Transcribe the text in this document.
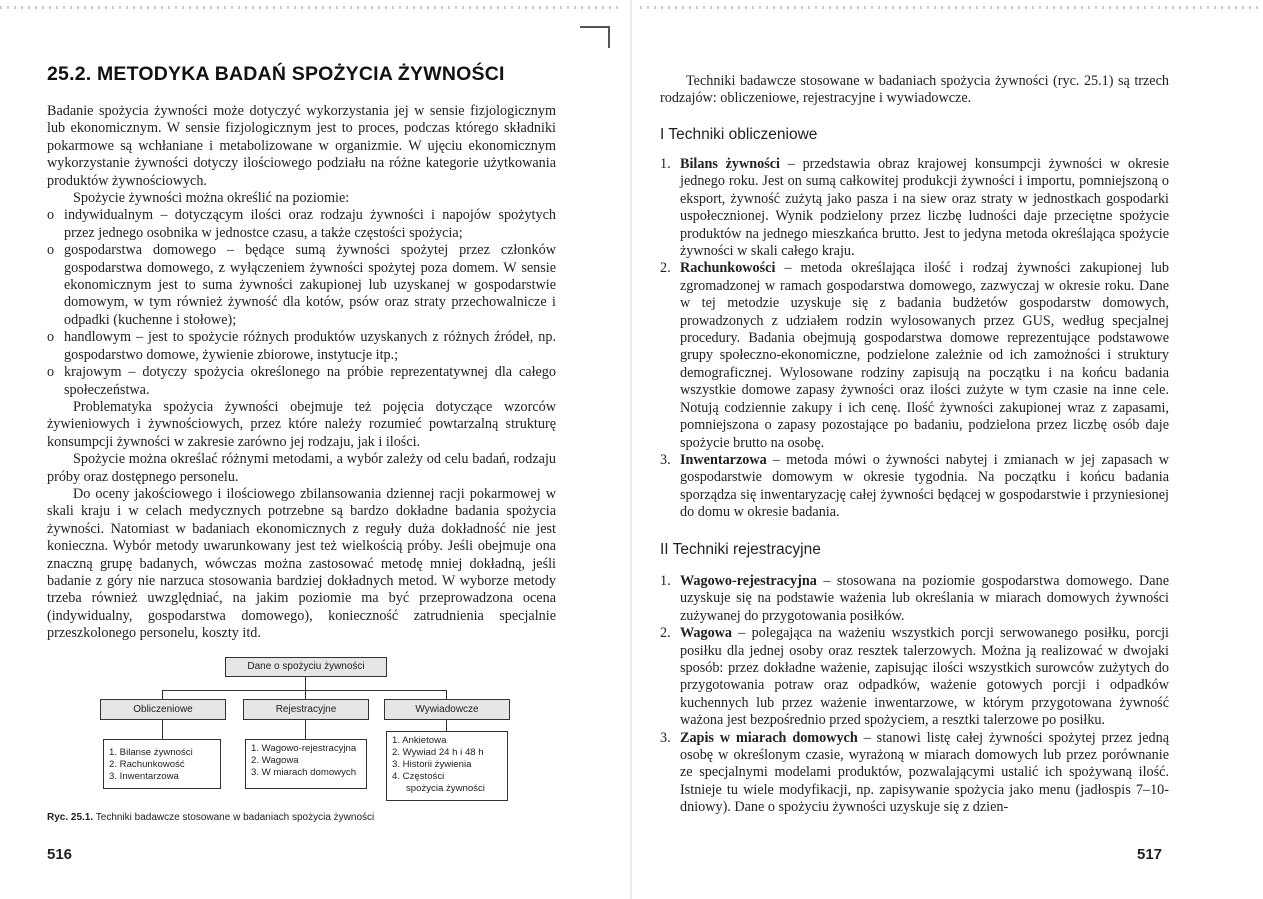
25.2. METODYKA BADAŃ SPOŻYCIA ŻYWNOŚCI

Badanie spożycia żywności może dotyczyć wykorzystania jej w sensie fizjologicznym lub ekonomicznym. W sensie fizjologicznym jest to proces, podczas którego składniki pokarmowe są wchłaniane i metabolizowane w organizmie. W ujęciu ekonomicznym wykorzystanie żywności dotyczy ilościowego podziału na różne kategorie użytkowania produktów żywnościowych.

Spożycie żywności można określić na poziomie:

o indywidualnym – dotyczącym ilości oraz rodzaju żywności i napojów spożytych przez jednego osobnika w jednostce czasu, a także częstości spożycia;
o gospodarstwa domowego – będące sumą żywności spożytej przez członków gospodarstwa domowego, z wyłączeniem żywności spożytej poza domem. W sensie ekonomicznym jest to suma żywności zakupionej lub uzyskanej w gospodarstwie domowym, w tym również żywność dla kotów, psów oraz straty przechowalnicze i odpadki (kuchenne i stołowe);
o handlowym – jest to spożycie różnych produktów uzyskanych z różnych źródeł, np. gospodarstwo domowe, żywienie zbiorowe, instytucje itp.;
o krajowym – dotyczy spożycia określonego na próbie reprezentatywnej dla całego społeczeństwa.

Problematyka spożycia żywności obejmuje też pojęcia dotyczące wzorców żywieniowych i żywnościowych, przez które należy rozumieć powtarzalną strukturę konsumpcji żywności w zakresie zarówno jej rodzaju, jak i ilości.

Spożycie można określać różnymi metodami, a wybór zależy od celu badań, rodzaju próby oraz dostępnego personelu.

Do oceny jakościowego i ilościowego zbilansowania dziennej racji pokarmowej w skali kraju i w celach medycznych potrzebne są bardzo dokładne badania spożycia żywności. Natomiast w badaniach ekonomicznych z reguły duża dokładność nie jest konieczna. Wybór metody uwarunkowany jest też wielkością próby. Jeśli obejmuje ona znaczną grupę badanych, wówczas można zastosować metodę mniej dokładną, jeśli badanie z góry nie narzuca stosowania bardziej dokładnych metod. W wyborze metody trzeba również uwzględniać, na jakim poziomie ma być przeprowadzona ocena (indywidualny, gospodarstwa domowego), konieczność zatrudnienia specjalnie przeszkolonego personelu, koszty itd.

Dane o spożyciu żywności
Obliczeniowe	Rejestracyjne	Wywiadowcze
1. Bilanse żywności
2. Rachunkowość
3. Inwentarzowa
1. Wagowo-rejestracyjna
2. Wagowa
3. W miarach domowych
1. Ankietowa
2. Wywiad 24 h i 48 h
3. Historii żywienia
4. Częstości
spożycia żywności
Ryc. 25.1. Techniki badawcze stosowane w badaniach spożycia żywności
516

Techniki badawcze stosowane w badaniach spożycia żywności (ryc. 25.1) są trzech rodzajów: obliczeniowe, rejestracyjne i wywiadowcze.

I Techniki obliczeniowe
1. Bilans żywności – przedstawia obraz krajowej konsumpcji żywności w okresie jednego roku. Jest on sumą całkowitej produkcji żywności i importu, pomniejszoną o eksport, żywność zużytą jako pasza i na siew oraz straty w jednostkach gospodarki uspołecznionej. Wynik podzielony przez liczbę ludności daje przeciętne spożycie produktów na jednego mieszkańca brutto. Jest to jedyna metoda określająca spożycie żywności w skali całego kraju.
2. Rachunkowości – metoda określająca ilość i rodzaj żywności zakupionej lub zgromadzonej w ramach gospodarstwa domowego, zazwyczaj w okresie roku. Dane w tej metodzie uzyskuje się z badania budżetów gospodarstw domowych, prowadzonych z udziałem rodzin wylosowanych przez GUS, według specjalnej procedury. Badania obejmują gospodarstwa domowe reprezentujące podstawowe grupy społeczno-ekonomiczne, podzielone zależnie od ich zamożności i struktury demograficznej. Wylosowane rodziny zapisują na początku i na końcu badania wszystkie domowe zapasy żywności oraz ilości zużyte w tym czasie na inne cele. Notują codziennie zakupy i ich cenę. Ilość żywności zakupionej wraz z zapasami, pomniejszona o zapasy pozostające po badaniu, podzielona przez liczbę osób daje spożycie brutto na osobę.
3. Inwentarzowa – metoda mówi o żywności nabytej i zmianach w jej zapasach w gospodarstwie domowym w okresie tygodnia. Na początku i końcu badania sporządza się inwentaryzację całej żywności będącej w gospodarstwie i przyniesionej do domu w okresie badania.
II Techniki rejestracyjne
1. Wagowo-rejestracyjna – stosowana na poziomie gospodarstwa domowego. Dane uzyskuje się na podstawie ważenia lub określania w miarach domowych żywności zużywanej do przygotowania posiłków.
2. Wagowa – polegająca na ważeniu wszystkich porcji serwowanego posiłku, porcji posiłku dla jednej osoby oraz resztek talerzowych. Można ją realizować w dwojaki sposób: przez dokładne ważenie, zapisując ilości wszystkich surowców zużytych do przygotowania potraw oraz odpadków, ważenie gotowych porcji i odpadków kuchennych lub przez ważenie inwentarzowe, w którym przygotowana żywność ważona jest bezpośrednio przed spożyciem, a resztki talerzowe po posiłku.
3. Zapis w miarach domowych – stanowi listę całej żywności spożytej przez jedną osobę w określonym czasie, wyrażoną w miarach domowych lub przez porównanie ze specjalnymi modelami produktów, pozwalającymi ustalić ich spożywaną ilość. Istnieje tu wiele modyfikacji, np. zapisywanie spożycia jako menu (jadłospis 7–10-dniowy). Dane o spożyciu żywności uzyskuje się z dzien-
517
